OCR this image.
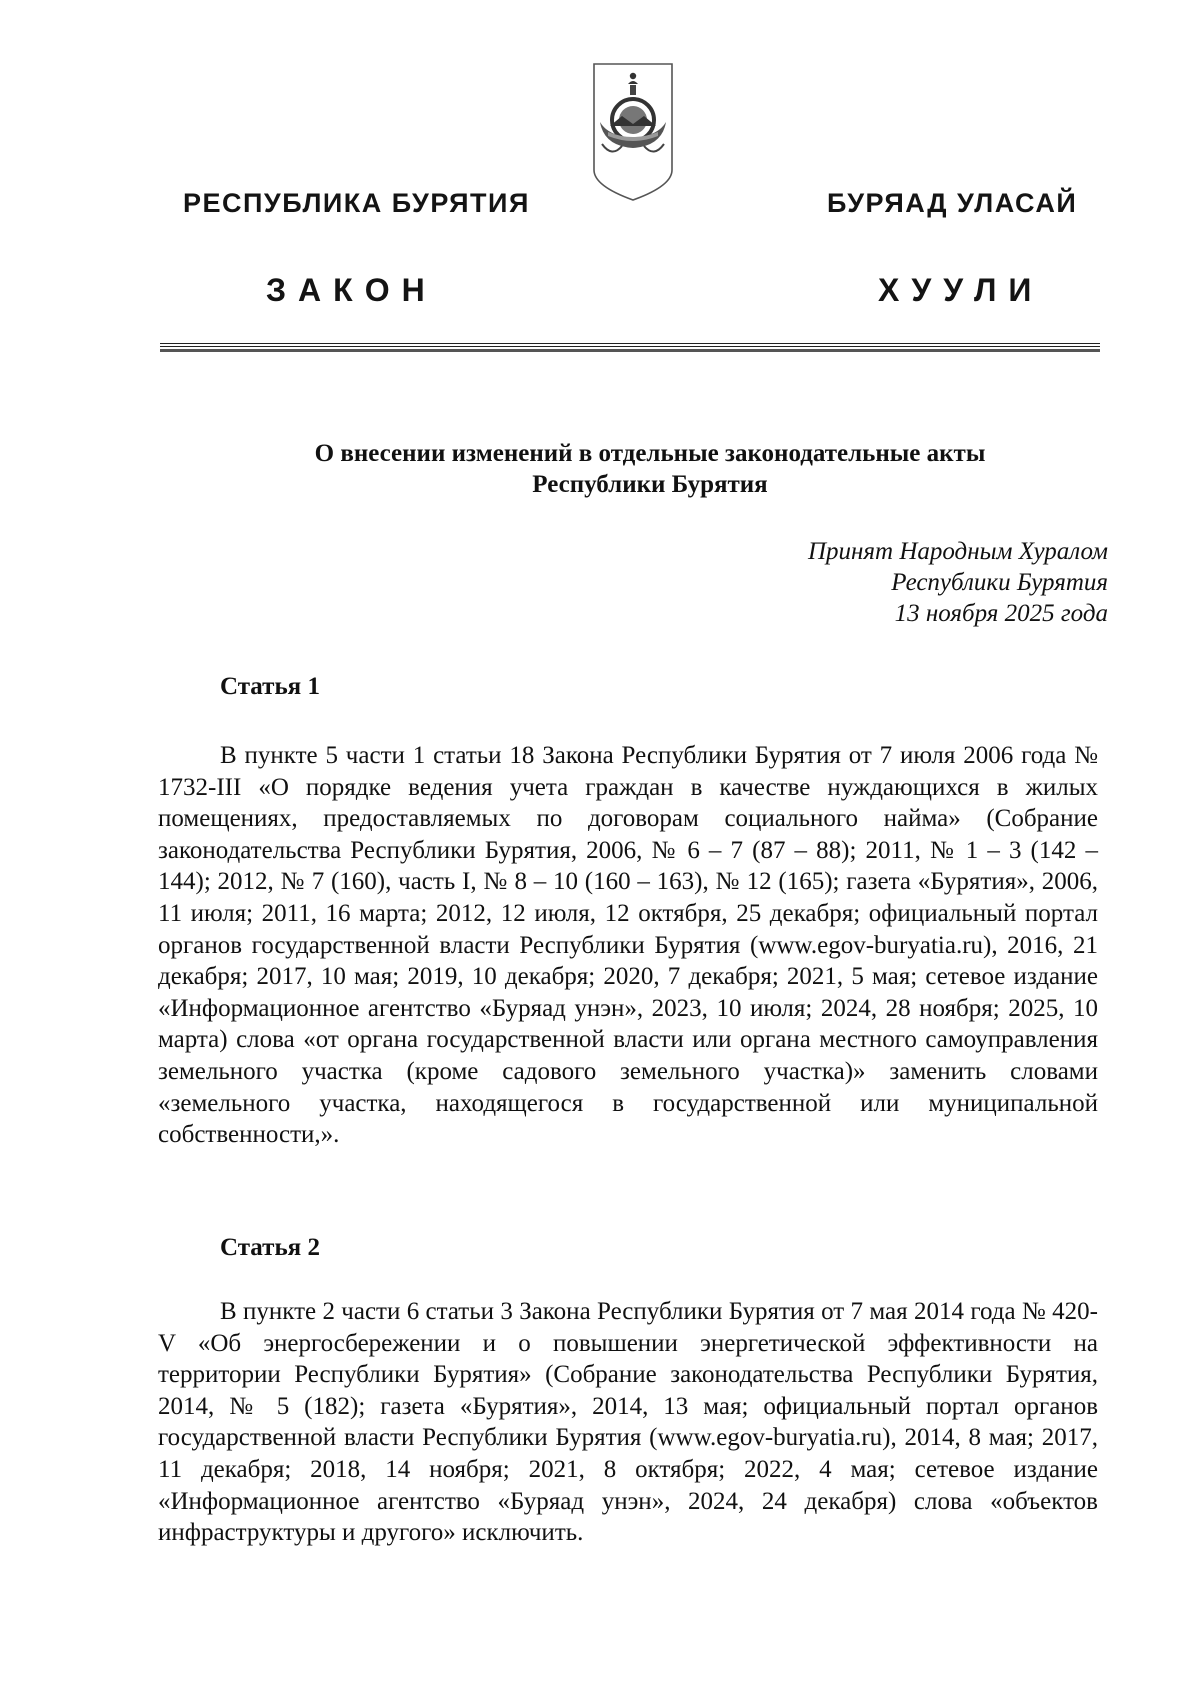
РЕСПУБЛИКА БУРЯТИЯ	БУРЯАД УЛАСАЙ
ЗАКОН	ХУУЛИ
О внесении изменений в отдельные законодательные акты
Республики Бурятия
Принят Народным Хуралом
Республики Бурятия
13 ноября 2025 года
Статья 1
В пункте 5 части 1 статьи 18 Закона Республики Бурятия от 7 июля 2006 года № 1732-III «О порядке ведения учета граждан в качестве нуждающихся в жилых помещениях, предоставляемых по договорам социального найма» (Собрание законодательства Республики Бурятия, 2006, № 6 – 7 (87 – 88); 2011, № 1 – 3 (142 – 144); 2012, № 7 (160), часть I, № 8 – 10 (160 – 163), № 12 (165); газета «Бурятия», 2006, 11 июля; 2011, 16 марта; 2012, 12 июля, 12 октября, 25 декабря; официальный портал органов государственной власти Республики Бурятия (www.egov-buryatia.ru), 2016, 21 декабря; 2017, 10 мая; 2019, 10 декабря; 2020, 7 декабря; 2021, 5 мая; сетевое издание «Информационное агентство «Буряад унэн», 2023, 10 июля; 2024, 28 ноября; 2025, 10 марта) слова «от органа государственной власти или органа местного самоуправления земельного участка (кроме садового земельного участка)» заменить словами «земельного участка, находящегося в государственной или муниципальной собственности,».
Статья 2
В пункте 2 части 6 статьи 3 Закона Республики Бурятия от 7 мая 2014 года № 420-V «Об энергосбережении и о повышении энергетической эффективности на территории Республики Бурятия» (Собрание законодательства Республики Бурятия, 2014, № 5 (182); газета «Бурятия», 2014, 13 мая; официальный портал органов государственной власти Республики Бурятия (www.egov-buryatia.ru), 2014, 8 мая; 2017, 11 декабря; 2018, 14 ноября; 2021, 8 октября; 2022, 4 мая; сетевое издание «Информационное агентство «Буряад унэн», 2024, 24 декабря) слова «объектов инфраструктуры и другого» исключить.
